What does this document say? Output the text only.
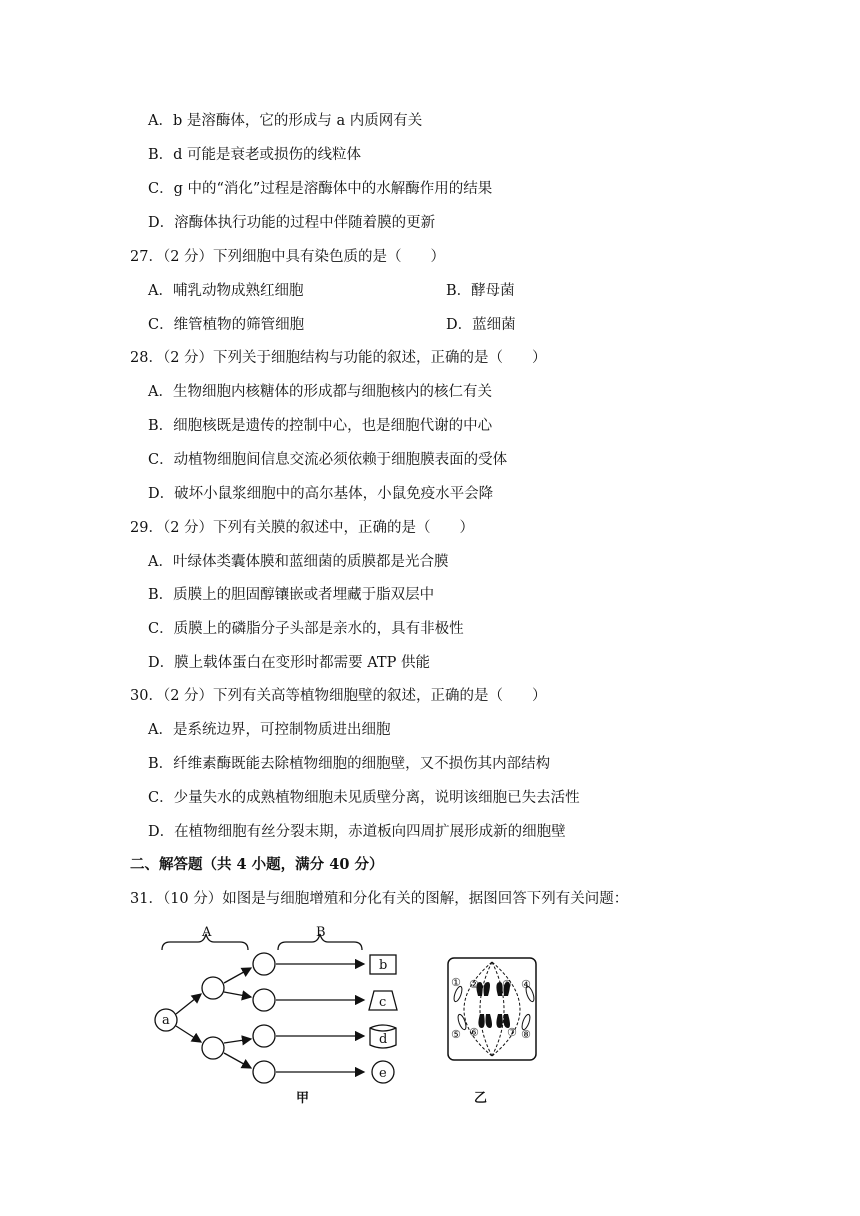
A．b 是溶酶体，它的形成与 a 内质网有关
B．d 可能是衰老或损伤的线粒体
C．g 中的“消化”过程是溶酶体中的水解酶作用的结果
D．溶酶体执行功能的过程中伴随着膜的更新
27．（2 分）下列细胞中具有染色质的是（　　）
A．哺乳动物成熟红细胞	B．酵母菌
C．维管植物的筛管细胞	D．蓝细菌
28．（2 分）下列关于细胞结构与功能的叙述，正确的是（　　）
A．生物细胞内核糖体的形成都与细胞核内的核仁有关
B．细胞核既是遗传的控制中心，也是细胞代谢的中心
C．动植物细胞间信息交流必须依赖于细胞膜表面的受体
D．破坏小鼠浆细胞中的高尔基体，小鼠免疫水平会降
29．（2 分）下列有关膜的叙述中，正确的是（　　）
A．叶绿体类囊体膜和蓝细菌的质膜都是光合膜
B．质膜上的胆固醇镶嵌或者埋藏于脂双层中
C．质膜上的磷脂分子头部是亲水的，具有非极性
D．膜上载体蛋白在变形时都需要 ATP 供能
30．（2 分）下列有关高等植物细胞壁的叙述，正确的是（　　）
A．是系统边界，可控制物质进出细胞
B．纤维素酶既能去除植物细胞的细胞壁，又不损伤其内部结构
C．少量失水的成熟植物细胞未见质壁分离，说明该细胞已失去活性
D．在植物细胞有丝分裂末期，赤道板向四周扩展形成新的细胞壁
二、解答题（共 4 小题，满分 40 分）
31．（10 分）如图是与细胞增殖和分化有关的图解，据图回答下列有关问题：
A	B
a
b
c
d
e
甲
① ② ③ ④
⑤ ⑥	⑦ ⑧
乙
